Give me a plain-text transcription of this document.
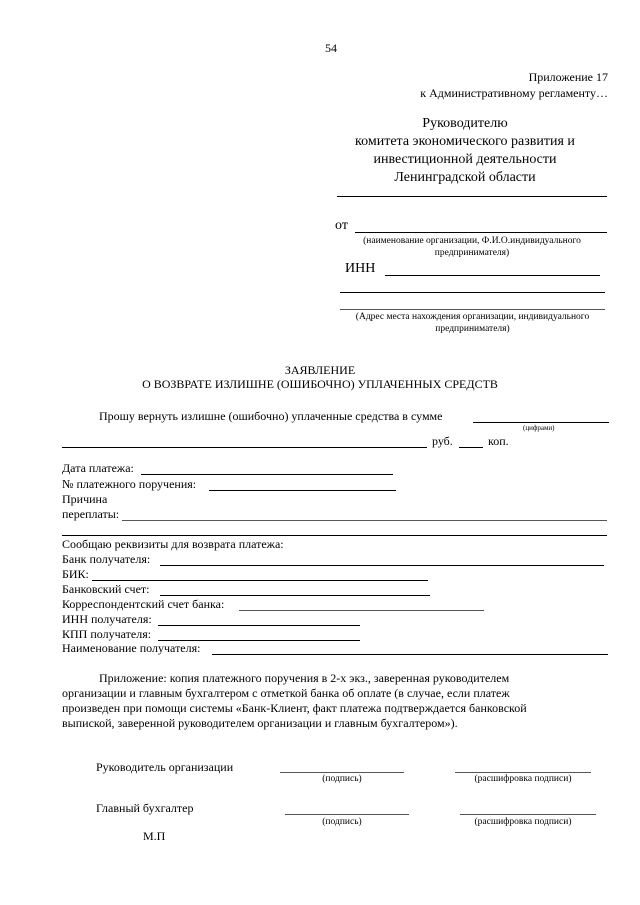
54
Приложение 17
к Административному регламенту…
Руководителю
комитета экономического развития и
инвестиционной деятельности
Ленинградской области
от
(наименование организации, Ф.И.О.индивидуального
предпринимателя)
ИНН
(Адрес места нахождения организации, индивидуального
предпринимателя)
ЗАЯВЛЕНИЕ
О ВОЗВРАТЕ ИЗЛИШНЕ (ОШИБОЧНО) УПЛАЧЕННЫХ СРЕДСТВ
Прошу вернуть излишне (ошибочно) уплаченные средства в сумме
(цифрами)
руб.	коп.
Дата платежа:
№ платежного поручения:
Причина
переплаты:
Сообщаю реквизиты для возврата платежа:
Банк получателя:
БИК:
Банковский счет:
Корреспондентский счет банка:
ИНН получателя:
КПП получателя:
Наименование получателя:
Приложение: копия платежного поручения в 2-х экз., заверенная руководителем
организации и главным бухгалтером с отметкой банка об оплате (в случае, если платеж
произведен при помощи системы «Банк-Клиент, факт платежа подтверждается банковской
выпиской, заверенной руководителем организации и главным бухгалтером»).
Руководитель организации
(подпись)	(расшифровка подписи)
Главный бухгалтер
(подпись)	(расшифровка подписи)
М.П
